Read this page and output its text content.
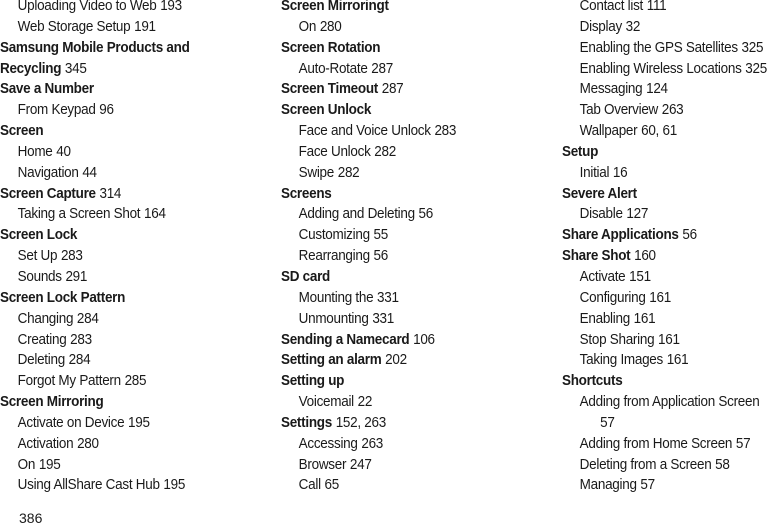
Uploading Video to Web 193
Web Storage Setup 191
Samsung Mobile Products and
Recycling 345
Save a Number
From Keypad 96
Screen
Home 40
Navigation 44
Screen Capture 314
Taking a Screen Shot 164
Screen Lock
Set Up 283
Sounds 291
Screen Lock Pattern
Changing 284
Creating 283
Deleting 284
Forgot My Pattern 285
Screen Mirroring
Activate on Device 195
Activation 280
On 195
Using AllShare Cast Hub 195
Screen Mirroringt
On 280
Screen Rotation
Auto-Rotate 287
Screen Timeout 287
Screen Unlock
Face and Voice Unlock 283
Face Unlock 282
Swipe 282
Screens
Adding and Deleting 56
Customizing 55
Rearranging 56
SD card
Mounting the 331
Unmounting 331
Sending a Namecard 106
Setting an alarm 202
Setting up
Voicemail 22
Settings 152, 263
Accessing 263
Browser 247
Call 65
Contact list 111
Display 32
Enabling the GPS Satellites 325
Enabling Wireless Locations 325
Messaging 124
Tab Overview 263
Wallpaper 60, 61
Setup
Initial 16
Severe Alert
Disable 127
Share Applications 56
Share Shot 160
Activate 151
Configuring 161
Enabling 161
Stop Sharing 161
Taking Images 161
Shortcuts
Adding from Application Screen
57
Adding from Home Screen 57
Deleting from a Screen 58
Managing 57
386
